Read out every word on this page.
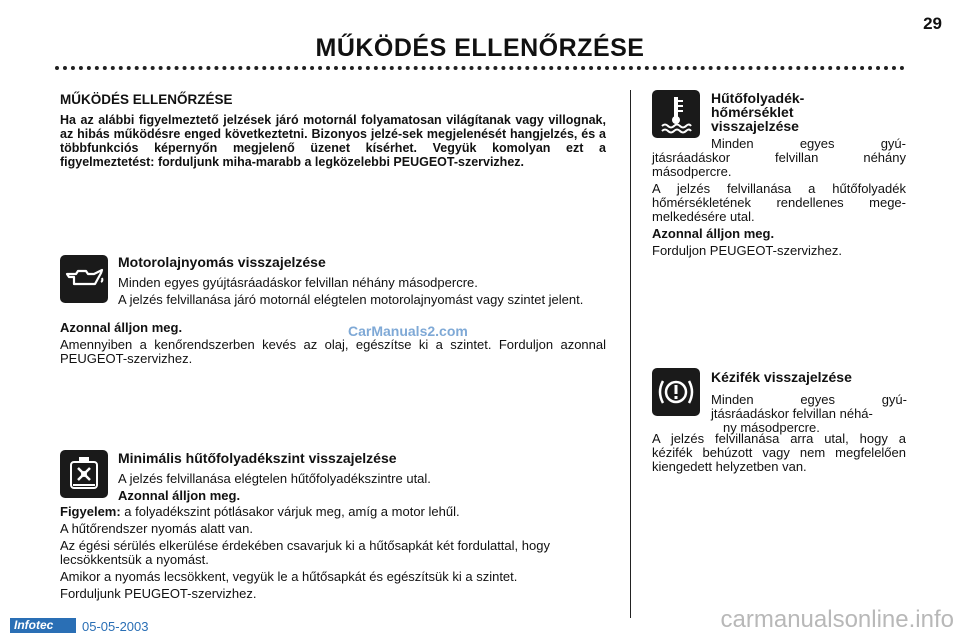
29
MŰKÖDÉS ELLENŐRZÉSE
MŰKÖDÉS ELLENŐRZÉSE
Ha az alábbi figyelmeztető jelzések járó motornál folyamatosan világítanak vagy villognak, az hibás működésre enged következtetni. Bizonyos jelzé-sek megjelenését hangjelzés, és a többfunkciós képernyőn megjelenő üzenet kísérhet. Vegyük komolyan ezt a figyelmeztetést: forduljunk miha-marabb a legközelebbi PEUGEOT-szervizhez.
Motorolajnyomás visszajelzése

Minden egyes gyújtásráadáskor felvillan néhány másodpercre.

A jelzés felvillanása járó motornál elégtelen motorolajnyomást vagy szintet jelent.

Azonnal álljon meg.

Amennyiben a kenőrendszerben kevés az olaj, egészítse ki a szintet. Forduljon azonnal PEUGEOT-szervizhez.

CarManuals2.com
Minimális hűtőfolyadékszint visszajelzése

A jelzés felvillanása elégtelen hűtőfolyadékszintre utal.

Azonnal álljon meg.

Figyelem: a folyadékszint pótlásakor várjuk meg, amíg a motor lehűl.

A hűtőrendszer nyomás alatt van.

Az égési sérülés elkerülése érdekében csavarjuk ki a hűtősapkát két fordulattal, hogy lecsökkentsük a nyomást.

Amikor a nyomás lecsökkent, vegyük le a hűtősapkát és egészítsük ki a szintet.

Forduljunk PEUGEOT-szervizhez.

Hűtőfolyadék-
hőmérséklet
visszajelzése
Minden egyes gyú-

jtásráadáskor felvillan néhány másodpercre.

A jelzés felvillanása a hűtőfolyadék hőmérsékletének rendellenes mege-melkedésére utal.

Azonnal álljon meg.

Forduljon PEUGEOT-szervizhez.

Kézifék visszajelzése
Minden egyes gyú-
jtásráadáskor felvillan néhá-
ny másodpercre.

A jelzés felvillanása arra utal, hogy a kézifék behúzott vagy nem megfelelően kiengedett helyzetben van.

Infotec	05-05-2003	carmanualsonline.info
